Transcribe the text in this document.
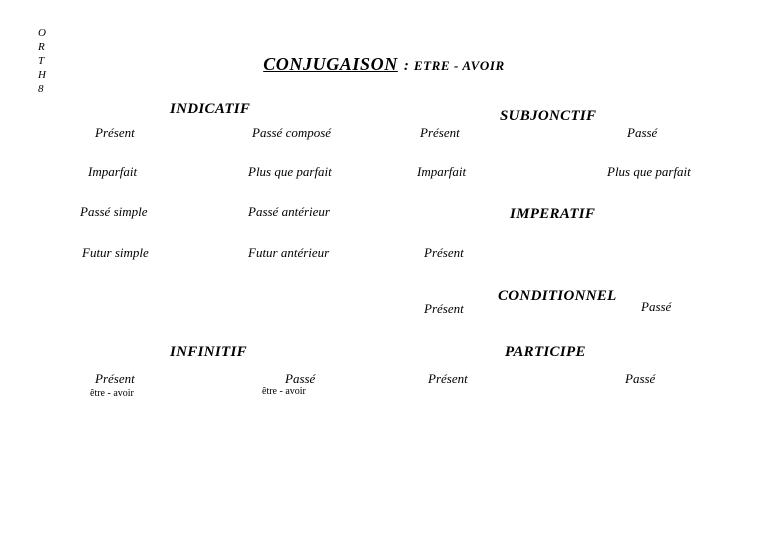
O
R
T
H
8
CONJUGAISON : ETRE - AVOIR
INDICATIF
Présent	Passé composé
Imparfait	Plus que parfait
Passé simple	Passé antérieur
Futur simple	Futur antérieur
SUBJONCTIF
Présent	Passé
Imparfait	Plus que parfait
IMPERATIF
Présent
CONDITIONNEL
Présent	Passé
INFINITIF
Présent
être - avoir
Passé
être - avoir
PARTICIPE
Présent	Passé
